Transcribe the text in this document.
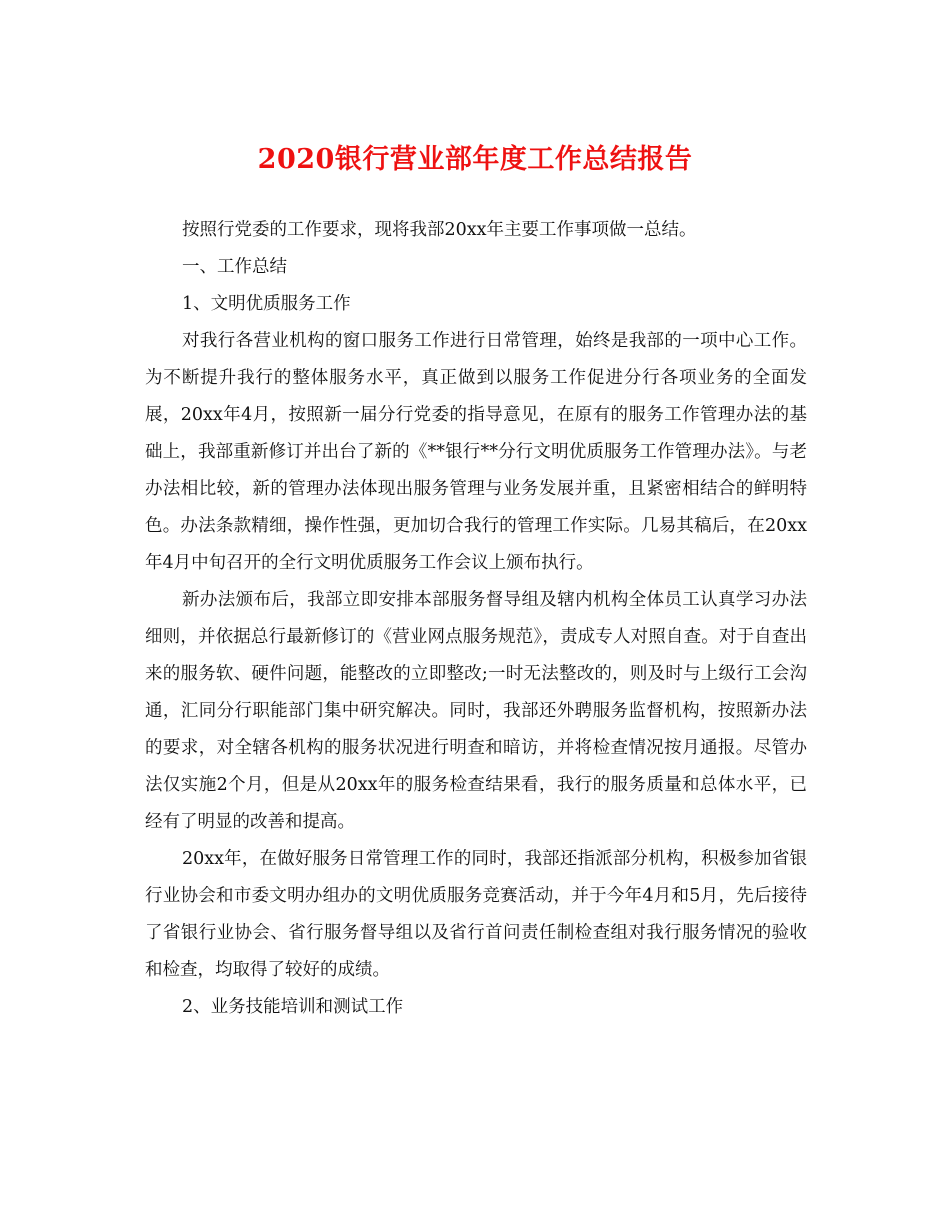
2020银行营业部年度工作总结报告

按照行党委的工作要求，现将我部20xx年主要工作事项做一总结。

一、工作总结

1、文明优质服务工作

对我行各营业机构的窗口服务工作进行日常管理，始终是我部的一项中心工作。为不断提升我行的整体服务水平，真正做到以服务工作促进分行各项业务的全面发展，20xx年4月，按照新一届分行党委的指导意见，在原有的服务工作管理办法的基础上，我部重新修订并出台了新的《**银行**分行文明优质服务工作管理办法》。与老办法相比较，新的管理办法体现出服务管理与业务发展并重，且紧密相结合的鲜明特色。办法条款精细，操作性强，更加切合我行的管理工作实际。几易其稿后，在20xx年4月中旬召开的全行文明优质服务工作会议上颁布执行。

新办法颁布后，我部立即安排本部服务督导组及辖内机构全体员工认真学习办法细则，并依据总行最新修订的《营业网点服务规范》，责成专人对照自查。对于自查出来的服务软、硬件问题，能整改的立即整改;一时无法整改的，则及时与上级行工会沟通，汇同分行职能部门集中研究解决。同时，我部还外聘服务监督机构，按照新办法的要求，对全辖各机构的服务状况进行明查和暗访，并将检查情况按月通报。尽管办法仅实施2个月，但是从20xx年的服务检查结果看，我行的服务质量和总体水平，已经有了明显的改善和提高。

20xx年，在做好服务日常管理工作的同时，我部还指派部分机构，积极参加省银行业协会和市委文明办组办的文明优质服务竞赛活动，并于今年4月和5月，先后接待了省银行业协会、省行服务督导组以及省行首问责任制检查组对我行服务情况的验收和检查，均取得了较好的成绩。

2、业务技能培训和测试工作
